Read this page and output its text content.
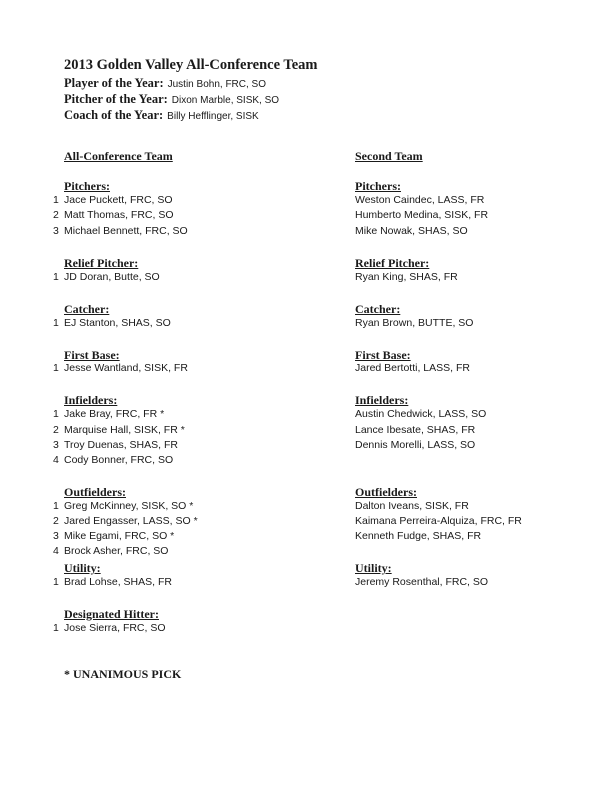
2013 Golden Valley All-Conference Team
Player of the Year: Justin Bohn, FRC, SO
Pitcher of the Year: Dixon Marble, SISK, SO
Coach of the Year: Billy Hefflinger, SISK
All-Conference Team	Second Team
Pitchers:
1 Jace Puckett, FRC, SO
2 Matt Thomas, FRC, SO
3 Michael Bennett, FRC, SO
Relief Pitcher:
1 JD Doran, Butte, SO
Catcher:
1 EJ Stanton, SHAS, SO
First Base:
1 Jesse Wantland, SISK, FR
Infielders:
1 Jake Bray, FRC, FR *
2 Marquise Hall, SISK, FR *
3 Troy Duenas, SHAS, FR
4 Cody Bonner, FRC, SO
Outfielders:
1 Greg McKinney, SISK, SO *
2 Jared Engasser, LASS, SO *
3 Mike Egami, FRC, SO *
4 Brock Asher, FRC, SO
Utility:
1 Brad Lohse, SHAS, FR
Designated Hitter:
1 Jose Sierra, FRC, SO
Pitchers:
Weston Caindec, LASS, FR
Humberto Medina, SISK, FR
Mike Nowak, SHAS, SO
Relief Pitcher:
Ryan King, SHAS, FR
Catcher:
Ryan Brown, BUTTE, SO
First Base:
Jared Bertotti, LASS, FR
Infielders:
Austin Chedwick, LASS, SO
Lance Ibesate, SHAS, FR
Dennis Morelli, LASS, SO
Outfielders:
Dalton Iveans, SISK, FR
Kaimana Perreira-Alquiza, FRC, FR
Kenneth Fudge, SHAS, FR
Utility:
Jeremy Rosenthal, FRC, SO
* UNANIMOUS PICK
